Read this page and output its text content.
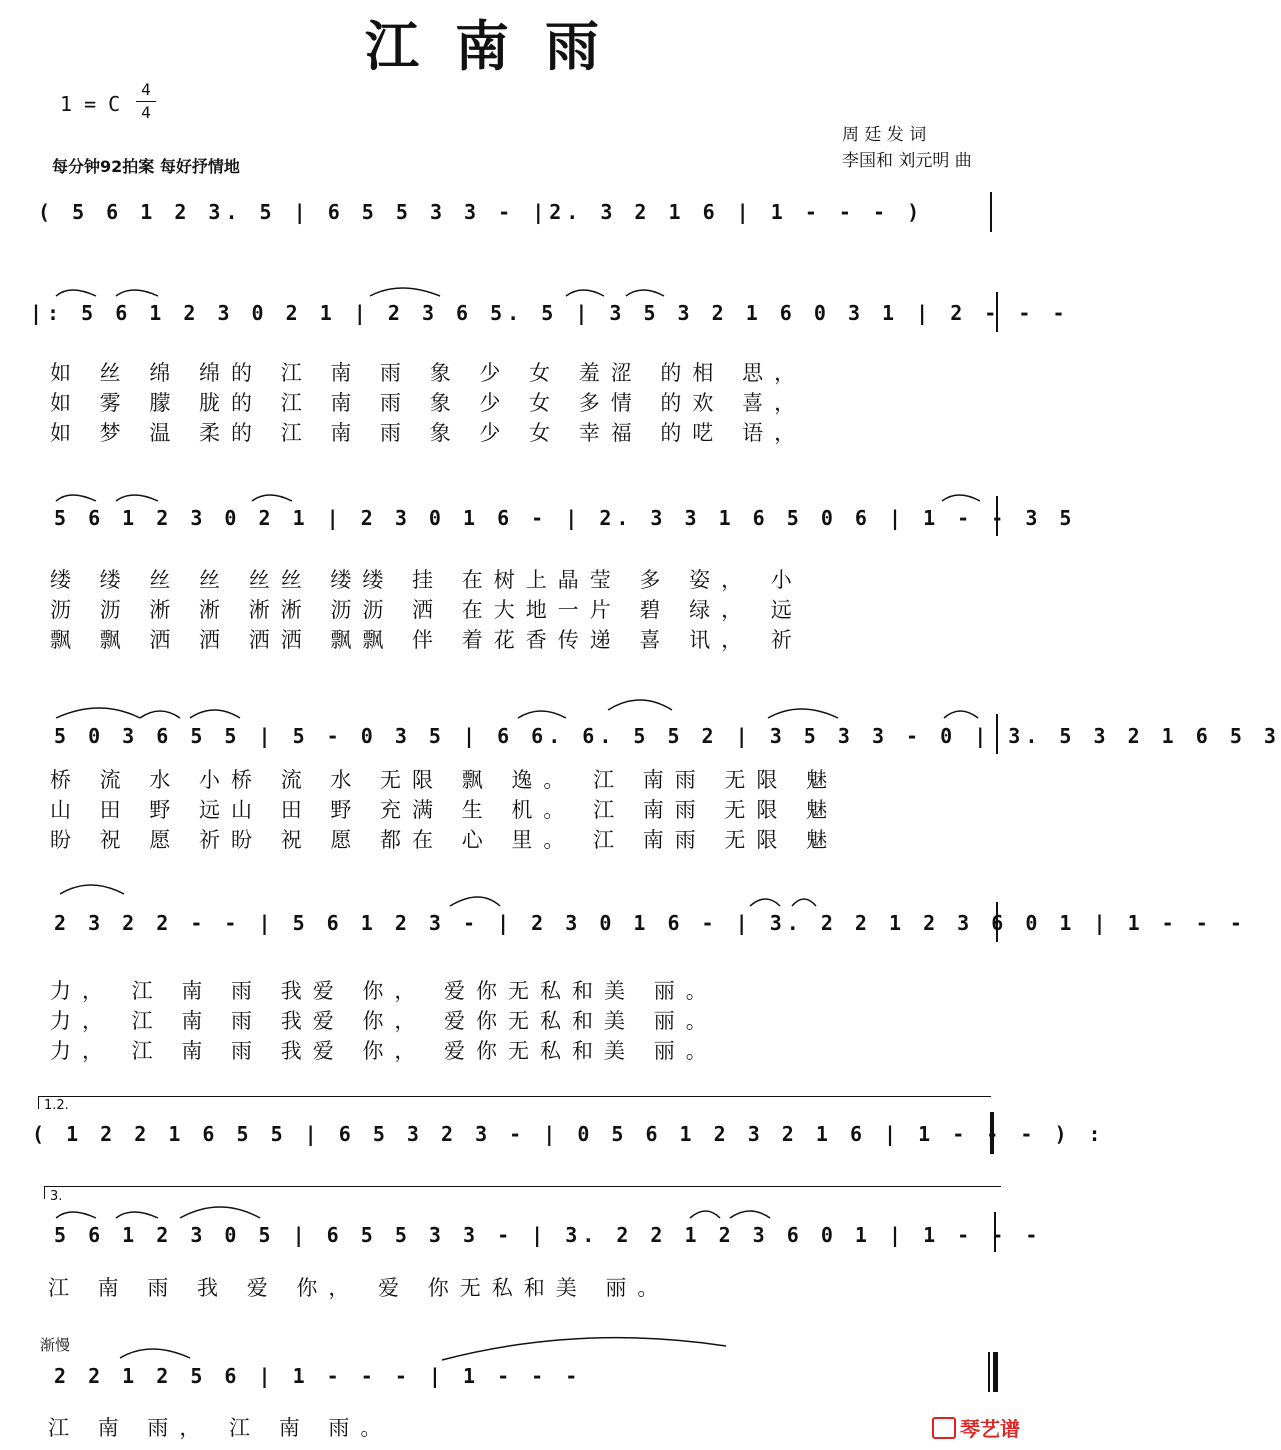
江南雨
1 = C
4
4
每分钟92拍案 每好抒情地
周 廷 发 词
李国和 刘元明 曲
( 5 6 1 2 3. 5 | 6 5 5 3 3 - |2. 3 2 1 6 | 1 - - - )
|: 5 6 1 2 3 0 2 1 | 2 3 6 5. 5 | 3 5 3 2 1 6 0 3 1 | 2 - - -
如 丝 绵 绵的 江 南 雨 象 少 女 羞涩 的相 思，
如 雾 朦 胧的 江 南 雨 象 少 女 多情 的欢 喜，
如 梦 温 柔的 江 南 雨 象 少 女 幸福 的呓 语，
5 6 1 2 3 0 2 1 | 2 3 0 1 6 - | 2. 3 3 1 6 5 0 6 | 1 - - 3 5
缕 缕 丝 丝 丝丝 缕缕 挂 在树上晶莹 多 姿， 小
沥 沥 淅 淅 淅淅 沥沥 洒 在大地一片 碧 绿， 远
飘 飘 洒 洒 洒洒 飘飘 伴 着花香传递 喜 讯， 祈
5 0 3 6 5 5 | 5 - 0 3 5 | 6 6. 6. 5 5 2 | 3 5 3 3 - 0 | 3. 5 3 2 1 6 5 3
桥 流 水 小桥 流 水 无限 飘 逸。 江 南雨 无限 魅
山 田 野 远山 田 野 充满 生 机。 江 南雨 无限 魅
盼 祝 愿 祈盼 祝 愿 都在 心 里。 江 南雨 无限 魅
2 3 2 2 - - | 5 6 1 2 3 - | 2 3 0 1 6 - | 3. 2 2 1 2 3 6 0 1 | 1 - - -
力， 江 南 雨 我爱 你， 爱你无私和美 丽。
力， 江 南 雨 我爱 你， 爱你无私和美 丽。
力， 江 南 雨 我爱 你， 爱你无私和美 丽。
1.2.
( 1 2 2 1 6 5 5 | 6 5 3 2 3 - | 0 5 6 1 2 3 2 1 6 | 1 - - - ) :
3.
5 6 1 2 3 0 5 | 6 5 5 3 3 - | 3. 2 2 1 2 3 6 0 1 | 1 - - -
江 南 雨 我 爱 你， 爱 你无私和美 丽。
渐慢
2 2 1 2 5 6 | 1 - - - | 1 - - -
江 南 雨， 江 南 雨。	琴艺谱
